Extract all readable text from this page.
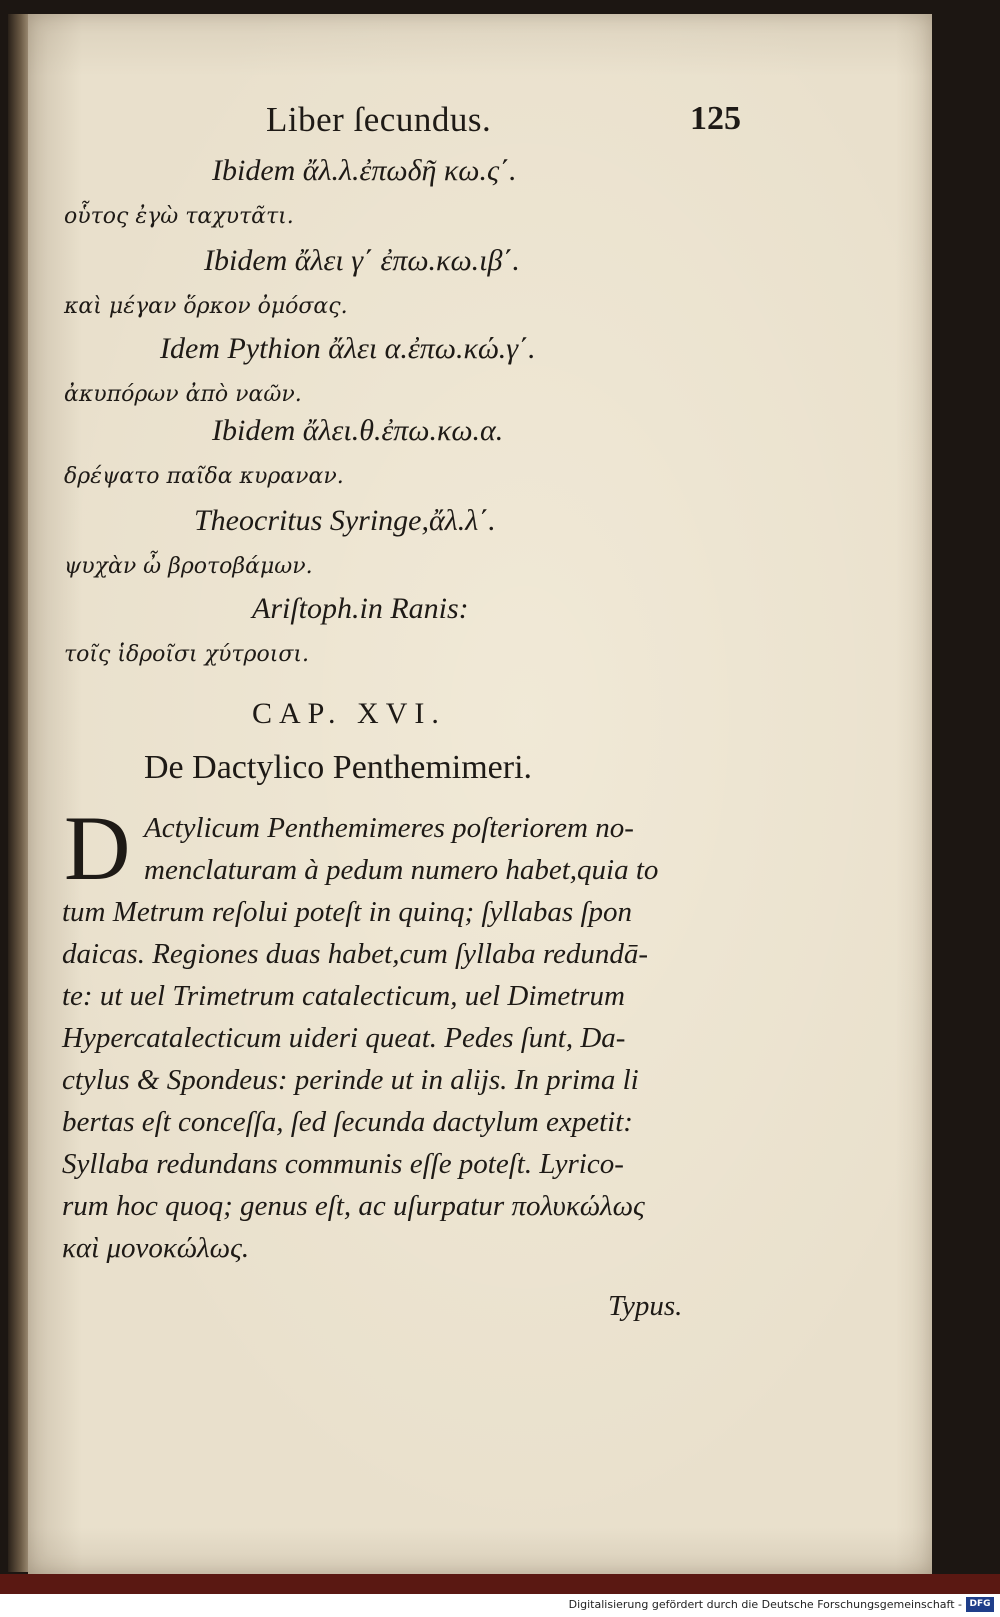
Liber ſecundus.	125
Ibidem ἄλ.λ.ἐπωδῆ κω.ς΄.
οὗτος ἐγὼ ταχυτᾶτι.
Ibidem ἄλει γ΄ ἐπω.κω.ιβ΄.
καὶ μέγαν ὅρκον ὀμόσας.
Idem Pythion ἄλει α.ἐπω.κώ.γ΄.
ἀκυπόρων ἀπὸ ναῶν.
Ibidem ἄλει.θ.ἐπω.κω.α.
δρέψατο παῖδα κυραναν.
Theocritus Syringe,ἄλ.λ΄.
ψυχὰν ὦ βροτοβάμων.
Ariſtoph.in Ranis:
τοῖς ἱδροῖσι χύτροισι.
CAP. XVI.
De Dactylico Penthemimeri.
D Actylicum Penthemimeres poſteriorem no-
menclaturam à pedum numero habet,quia to
tum Metrum reſolui poteſt in quinq; ſyllabas ſpon
daicas. Regiones duas habet,cum ſyllaba redundā-
te: ut uel Trimetrum catalecticum, uel Dimetrum
Hypercatalecticum uideri queat. Pedes ſunt, Da-
ctylus & Spondeus: perinde ut in alijs. In prima li
bertas eſt conceſſa, ſed ſecunda dactylum expetit:
Syllaba redundans communis eſſe poteſt. Lyrico-
rum hoc quoq; genus eſt, ac uſurpatur πολυκώλως
καὶ μονοκώλως.
Typus.
Digitalisierung gefördert durch die Deutsche Forschungsgemeinschaft - DFG
